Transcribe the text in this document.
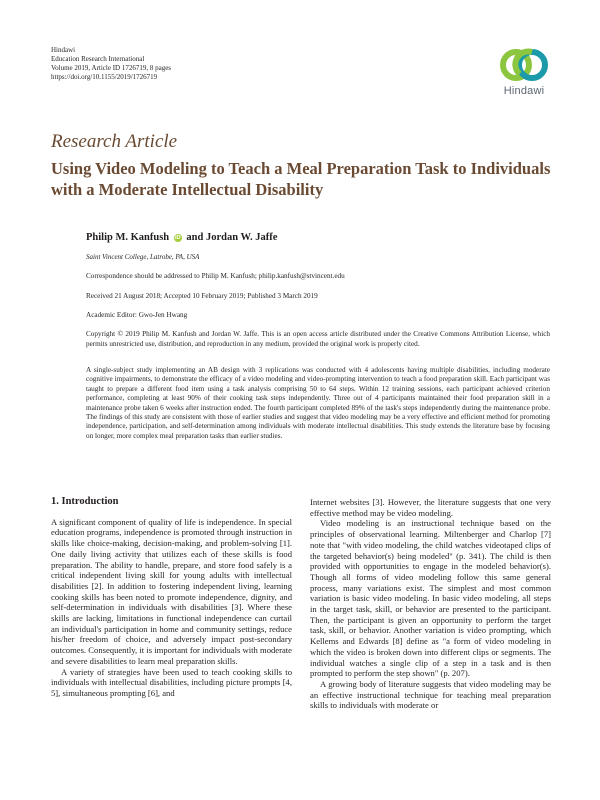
Hindawi
Education Research International
Volume 2019, Article ID 1726719, 8 pages
https://doi.org/10.1155/2019/1726719
Hindawi
Research Article
Using Video Modeling to Teach a Meal Preparation Task to Individuals with a Moderate Intellectual Disability
Philip M. Kanfush iD and Jordan W. Jaffe
Saint Vincent College, Latrobe, PA, USA
Correspondence should be addressed to Philip M. Kanfush; philip.kanfush@stvincent.edu
Received 21 August 2018; Accepted 10 February 2019; Published 3 March 2019
Academic Editor: Gwo-Jen Hwang
Copyright © 2019 Philip M. Kanfush and Jordan W. Jaffe. This is an open access article distributed under the Creative Commons Attribution License, which permits unrestricted use, distribution, and reproduction in any medium, provided the original work is properly cited.
A single-subject study implementing an AB design with 3 replications was conducted with 4 adolescents having multiple disabilities, including moderate cognitive impairments, to demonstrate the efficacy of a video modeling and video-prompting intervention to teach a food preparation skill. Each participant was taught to prepare a different food item using a task analysis comprising 50 to 64 steps. Within 12 training sessions, each participant achieved criterion performance, completing at least 90% of their cooking task steps independently. Three out of 4 participants maintained their food preparation skill in a maintenance probe taken 6 weeks after instruction ended. The fourth participant completed 89% of the task's steps independently during the maintenance probe. The findings of this study are consistent with those of earlier studies and suggest that video modeling may be a very effective and efficient method for promoting independence, participation, and self-determination among individuals with moderate intellectual disabilities. This study extends the literature base by focusing on longer, more complex meal preparation tasks than earlier studies.
1. Introduction

A significant component of quality of life is independence. In special education programs, independence is promoted through instruction in skills like choice-making, decision-making, and problem-solving [1]. One daily living activity that utilizes each of these skills is food preparation. The ability to handle, prepare, and store food safely is a critical independent living skill for young adults with intellectual disabilities [2]. In addition to fostering independent living, learning cooking skills has been noted to promote independence, dignity, and self-determination in individuals with disabilities [3]. Where these skills are lacking, limitations in functional independence can curtail an individual's participation in home and community settings, reduce his/her freedom of choice, and adversely impact post-secondary outcomes. Consequently, it is important for individuals with moderate and severe disabilities to learn meal preparation skills.

A variety of strategies have been used to teach cooking skills to individuals with intellectual disabilities, including picture prompts [4, 5], simultaneous prompting [6], and

Internet websites [3]. However, the literature suggests that one very effective method may be video modeling.

Video modeling is an instructional technique based on the principles of observational learning. Miltenberger and Charlop [7] note that "with video modeling, the child watches videotaped clips of the targeted behavior(s) being modeled" (p. 341). The child is then provided with opportunities to engage in the modeled behavior(s). Though all forms of video modeling follow this same general process, many variations exist. The simplest and most common variation is basic video modeling. In basic video modeling, all steps in the target task, skill, or behavior are presented to the participant. Then, the participant is given an opportunity to perform the target task, skill, or behavior. Another variation is video prompting, which Kellems and Edwards [8] define as "a form of video modeling in which the video is broken down into different clips or segments. The individual watches a single clip of a step in a task and is then prompted to perform the step shown" (p. 207).

A growing body of literature suggests that video modeling may be an effective instructional technique for teaching meal preparation skills to individuals with moderate or
